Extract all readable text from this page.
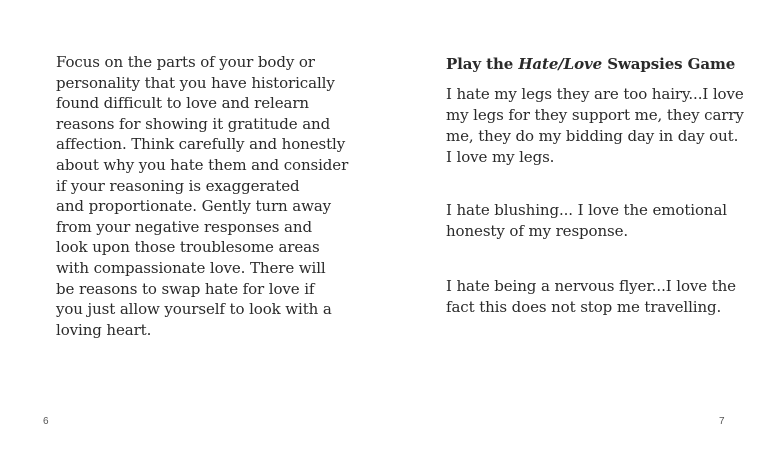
Focus on the parts of your body or
personality that you have historically
found difficult to love and relearn
reasons for showing it gratitude and
affection. Think carefully and honestly
about why you hate them and consider
if your reasoning is exaggerated
and proportionate. Gently turn away
from your negative responses and
look upon those troublesome areas
with compassionate love. There will
be reasons to swap hate for love if
you just allow yourself to look with a
loving heart.
6
Play the Hate/Love Swapsies Game
I hate my legs they are too hairy...I love
my legs for they support me, they carry
me, they do my bidding day in day out.
I love my legs.
I hate blushing... I love the emotional
honesty of my response.
I hate being a nervous flyer...I love the
fact this does not stop me travelling.
7
